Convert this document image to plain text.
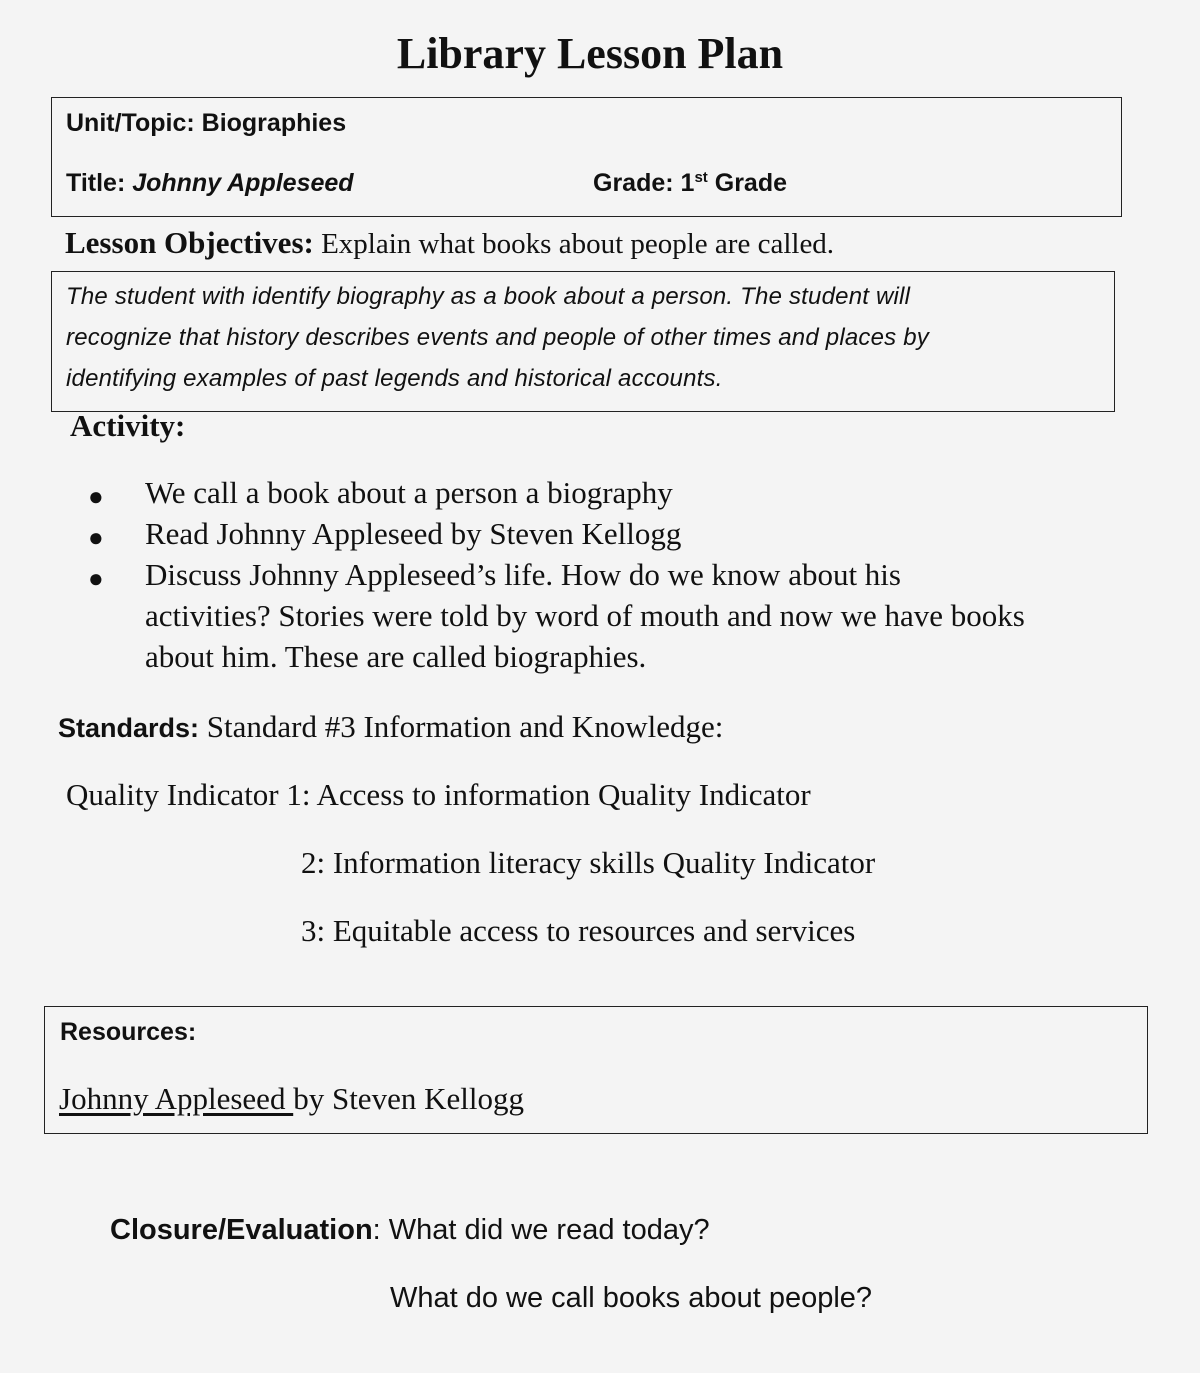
Library Lesson Plan
Unit/Topic: Biographies
Title: Johnny Appleseed	Grade: 1st Grade
Lesson Objectives: Explain what books about people are called.
The student with identify biography as a book about a person. The student will
recognize that history describes events and people of other times and places by
identifying examples of past legends and historical accounts.
Activity:
● We call a book about a person a biography
● Read Johnny Appleseed by Steven Kellogg
● Discuss Johnny Appleseed’s life. How do we know about his
activities? Stories were told by word of mouth and now we have books
about him. These are called biographies.
Standards: Standard #3 Information and Knowledge:
Quality Indicator 1: Access to information Quality Indicator
2: Information literacy skills Quality Indicator
3: Equitable access to resources and services
Resources:
Johnny Appleseed by Steven Kellogg
Closure/Evaluation: What did we read today?
What do we call books about people?
